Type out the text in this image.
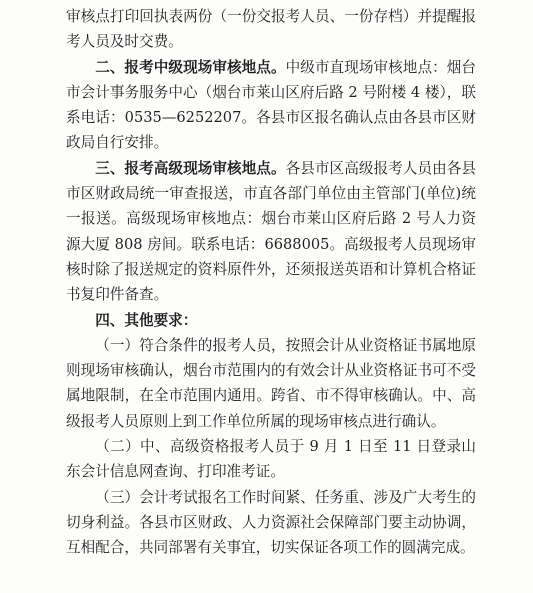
审核点打印回执表两份（一份交报考人员、一份存档）并提醒报考人员及时交费。

二、报考中级现场审核地点。中级市直现场审核地点：烟台市会计事务服务中心（烟台市莱山区府后路 2 号附楼 4 楼），联系电话：0535—6252207。各县市区报名确认点由各县市区财政局自行安排。

三、报考高级现场审核地点。各县市区高级报考人员由各县市区财政局统一审查报送，市直各部门单位由主管部门(单位)统一报送。高级现场审核地点：烟台市莱山区府后路 2 号人力资源大厦 808 房间。联系电话：6688005。高级报考人员现场审核时除了报送规定的资料原件外，还须报送英语和计算机合格证书复印件备查。

四、其他要求：

（一）符合条件的报考人员，按照会计从业资格证书属地原则现场审核确认，烟台市范围内的有效会计从业资格证书可不受属地限制，在全市范围内通用。跨省、市不得审核确认。中、高级报考人员原则上到工作单位所属的现场审核点进行确认。

（二）中、高级资格报考人员于 9 月 1 日至 11 日登录山东会计信息网查询、打印准考证。

（三）会计考试报名工作时间紧、任务重、涉及广大考生的切身利益。各县市区财政、人力资源社会保障部门要主动协调，互相配合，共同部署有关事宜，切实保证各项工作的圆满完成。
